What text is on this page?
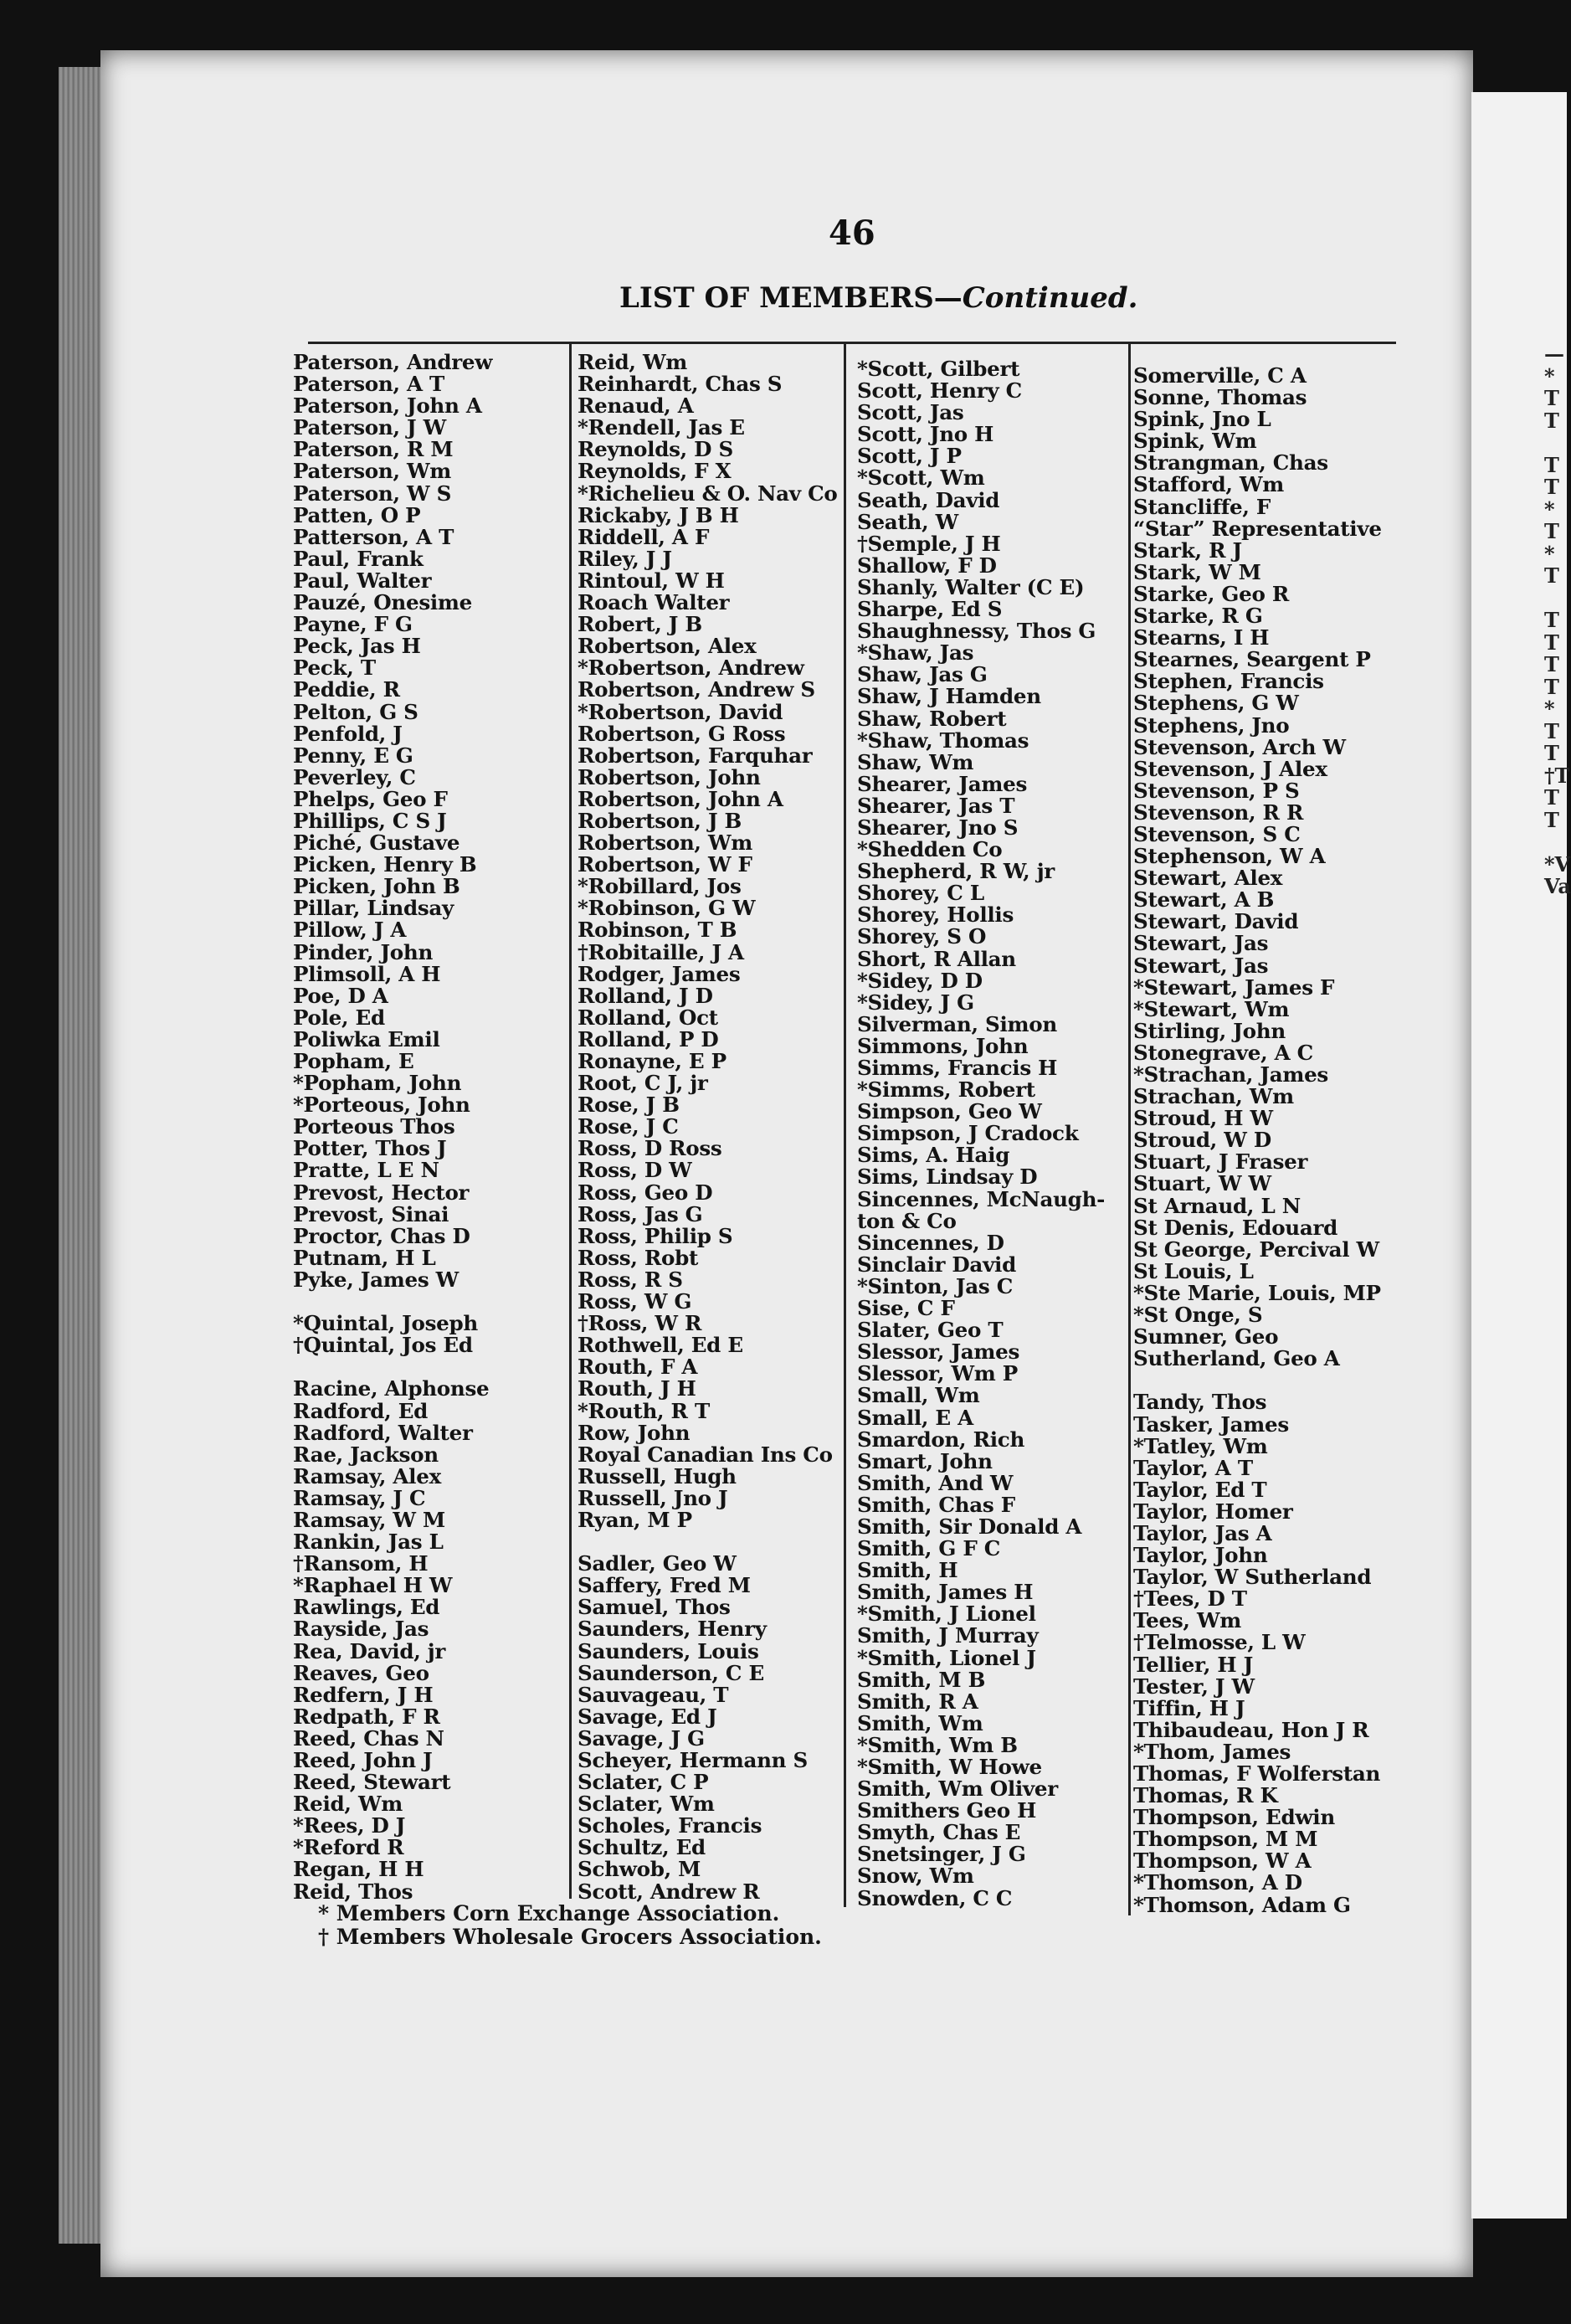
46
LIST OF MEMBERS—Continued.
Paterson, Andrew
Paterson, A T
Paterson, John A
Paterson, J W
Paterson, R M
Paterson, Wm
Paterson, W S
Patten, O P
Patterson, A T
Paul, Frank
Paul, Walter
Pauzé, Onesime
Payne, F G
Peck, Jas H
Peck, T
Peddie, R
Pelton, G S
Penfold, J
Penny, E G
Peverley, C
Phelps, Geo F
Phillips, C S J
Piché, Gustave
Picken, Henry B
Picken, John B
Pillar, Lindsay
Pillow, J A
Pinder, John
Plimsoll, A H
Poe, D A
Pole, Ed
Poliwka Emil
Popham, E
*Popham, John
*Porteous, John
Porteous Thos
Potter, Thos J
Pratte, L E N
Prevost, Hector
Prevost, Sinai
Proctor, Chas D
Putnam, H L
Pyke, James W
*Quintal, Joseph
†Quintal, Jos Ed
Racine, Alphonse
Radford, Ed
Radford, Walter
Rae, Jackson
Ramsay, Alex
Ramsay, J C
Ramsay, W M
Rankin, Jas L
†Ransom, H
*Raphael H W
Rawlings, Ed
Rayside, Jas
Rea, David, jr
Reaves, Geo
Redfern, J H
Redpath, F R
Reed, Chas N
Reed, John J
Reed, Stewart
Reid, Wm
*Rees, D J
*Reford R
Regan, H H
Reid, Thos
Reid, Wm
Reinhardt, Chas S
Renaud, A
*Rendell, Jas E
Reynolds, D S
Reynolds, F X
*Richelieu & O. Nav Co
Rickaby, J B H
Riddell, A F
Riley, J J
Rintoul, W H
Roach Walter
Robert, J B
Robertson, Alex
*Robertson, Andrew
Robertson, Andrew S
*Robertson, David
Robertson, G Ross
Robertson, Farquhar
Robertson, John
Robertson, John A
Robertson, J B
Robertson, Wm
Robertson, W F
*Robillard, Jos
*Robinson, G W
Robinson, T B
†Robitaille, J A
Rodger, James
Rolland, J D
Rolland, Oct
Rolland, P D
Ronayne, E P
Root, C J, jr
Rose, J B
Rose, J C
Ross, D Ross
Ross, D W
Ross, Geo D
Ross, Jas G
Ross, Philip S
Ross, Robt
Ross, R S
Ross, W G
†Ross, W R
Rothwell, Ed E
Routh, F A
Routh, J H
*Routh, R T
Row, John
Royal Canadian Ins Co
Russell, Hugh
Russell, Jno J
Ryan, M P
Sadler, Geo W
Saffery, Fred M
Samuel, Thos
Saunders, Henry
Saunders, Louis
Saunderson, C E
Sauvageau, T
Savage, Ed J
Savage, J G
Scheyer, Hermann S
Sclater, C P
Sclater, Wm
Scholes, Francis
Schultz, Ed
Schwob, M
Scott, Andrew R
*Scott, Gilbert
Scott, Henry C
Scott, Jas
Scott, Jno H
Scott, J P
*Scott, Wm
Seath, David
Seath, W
†Semple, J H
Shallow, F D
Shanly, Walter (C E)
Sharpe, Ed S
Shaughnessy, Thos G
*Shaw, Jas
Shaw, Jas G
Shaw, J Hamden
Shaw, Robert
*Shaw, Thomas
Shaw, Wm
Shearer, James
Shearer, Jas T
Shearer, Jno S
*Shedden Co
Shepherd, R W, jr
Shorey, C L
Shorey, Hollis
Shorey, S O
Short, R Allan
*Sidey, D D
*Sidey, J G
Silverman, Simon
Simmons, John
Simms, Francis H
*Simms, Robert
Simpson, Geo W
Simpson, J Cradock
Sims, A. Haig
Sims, Lindsay D
Sincennes, McNaugh-
ton & Co
Sincennes, D
Sinclair David
*Sinton, Jas C
Sise, C F
Slater, Geo T
Slessor, James
Slessor, Wm P
Small, Wm
Small, E A
Smardon, Rich
Smart, John
Smith, And W
Smith, Chas F
Smith, Sir Donald A
Smith, G F C
Smith, H
Smith, James H
*Smith, J Lionel
Smith, J Murray
*Smith, Lionel J
Smith, M B
Smith, R A
Smith, Wm
*Smith, Wm B
*Smith, W Howe
Smith, Wm Oliver
Smithers Geo H
Smyth, Chas E
Snetsinger, J G
Snow, Wm
Snowden, C C
Somerville, C A
Sonne, Thomas
Spink, Jno L
Spink, Wm
Strangman, Chas
Stafford, Wm
Stancliffe, F
“Star” Representative
Stark, R J
Stark, W M
Starke, Geo R
Starke, R G
Stearns, I H
Stearnes, Seargent P
Stephen, Francis
Stephens, G W
Stephens, Jno
Stevenson, Arch W
Stevenson, J Alex
Stevenson, P S
Stevenson, R R
Stevenson, S C
Stephenson, W A
Stewart, Alex
Stewart, A B
Stewart, David
Stewart, Jas
Stewart, Jas
*Stewart, James F
*Stewart, Wm
Stirling, John
Stonegrave, A C
*Strachan, James
Strachan, Wm
Stroud, H W
Stroud, W D
Stuart, J Fraser
Stuart, W W
St Arnaud, L N
St Denis, Edouard
St George, Percival W
St Louis, L
*Ste Marie, Louis, MP
*St Onge, S
Sumner, Geo
Sutherland, Geo A
Tandy, Thos
Tasker, James
*Tatley, Wm
Taylor, A T
Taylor, Ed T
Taylor, Homer
Taylor, Jas A
Taylor, John
Taylor, W Sutherland
†Tees, D T
Tees, Wm
†Telmosse, L W
Tellier, H J
Tester, J W
Tiffin, H J
Thibaudeau, Hon J R
*Thom, James
Thomas, F Wolferstan
Thomas, R K
Thompson, Edwin
Thompson, M M
Thompson, W A
*Thomson, A D
*Thomson, Adam G
* Members Corn Exchange Association.
† Members Wholesale Grocers Association.
—
*
T
T
T
T
*
T
*
T
T
T
T
T
*
T
T
†T
T
T
*V
Va
